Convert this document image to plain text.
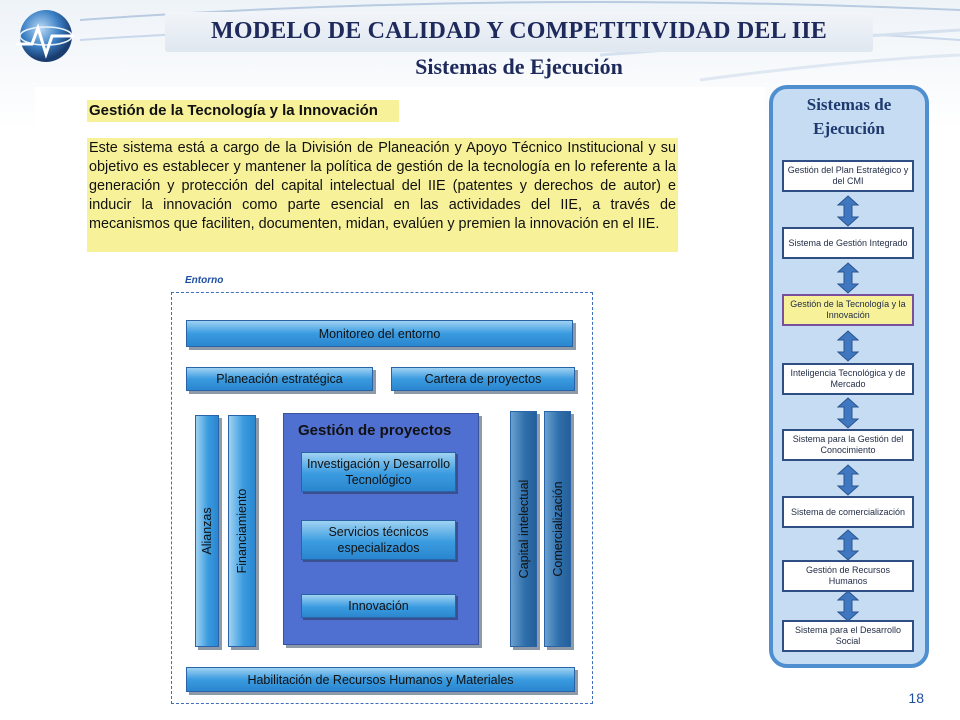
MODELO DE CALIDAD Y COMPETITIVIDAD DEL IIE
Sistemas de Ejecución
Gestión de la Tecnología y la Innovación
Este sistema está a cargo de la División de Planeación y Apoyo Técnico Institucional y su objetivo es establecer y mantener la política de gestión de la tecnología en lo referente a la generación y protección del capital intelectual del IIE (patentes y derechos de autor) e inducir la innovación como parte esencial en las actividades del IIE, a través de mecanismos que faciliten, documenten, midan, evalúen y premien la innovación en el IIE.
Entorno
Monitoreo del entorno
Planeación estratégica	Cartera de proyectos
Alianzas Financiamiento
Gestión de proyectos
Investigación y Desarrollo Tecnológico
Servicios técnicos especializados
Innovación
Capital intelectual Comercialización
Habilitación de Recursos Humanos y Materiales
Sistemas de Ejecución
Gestión del Plan Estratégico y del CMI
Sistema de Gestión Integrado
Gestión de la Tecnología y la Innovación
Inteligencia Tecnológica y de Mercado
Sistema para la Gestión del Conocimiento
Sistema de comercialización
Gestión de Recursos Humanos
Sistema para el Desarrollo Social
18
